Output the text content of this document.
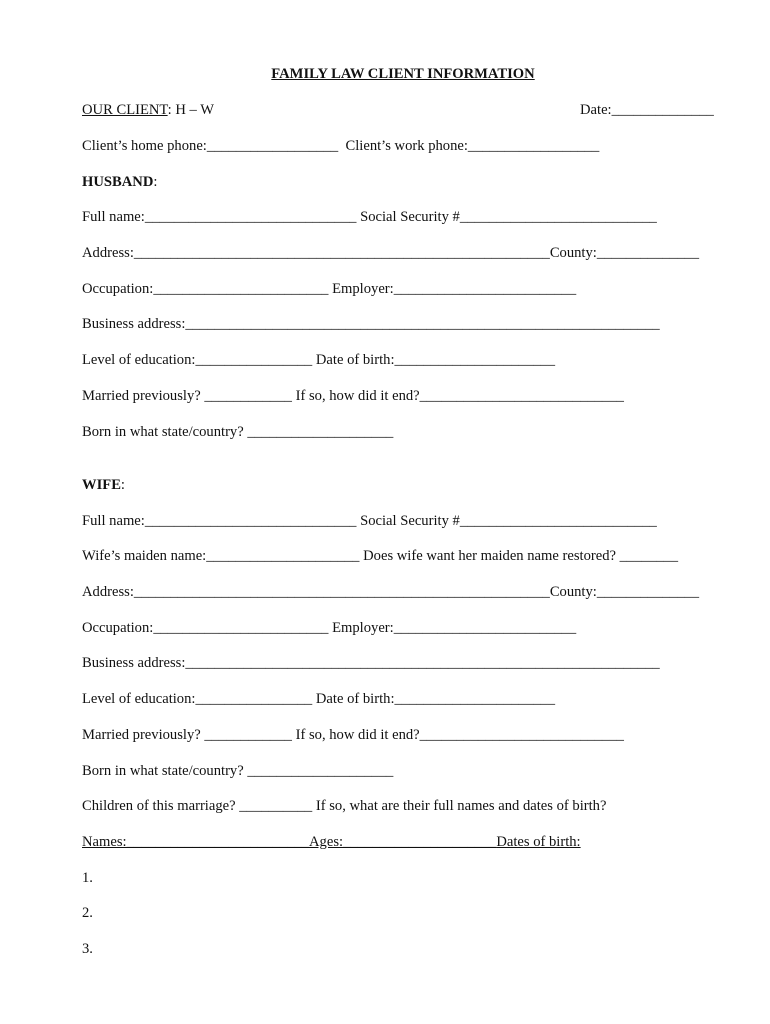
FAMILY LAW CLIENT INFORMATION
OUR CLIENT: H – W	Date:______________
Client’s home phone:__________________ Client’s work phone:__________________
HUSBAND:
Full name:_____________________________ Social Security #___________________________
Address:_________________________________________________________County:______________
Occupation:________________________ Employer:_________________________
Business address:_________________________________________________________________
Level of education:________________ Date of birth:______________________
Married previously? ____________ If so, how did it end?____________________________
Born in what state/country? ____________________
WIFE:
Full name:_____________________________ Social Security #___________________________
Wife’s maiden name:_____________________ Does wife want her maiden name restored? ________
Address:_________________________________________________________County:______________
Occupation:________________________ Employer:_________________________
Business address:_________________________________________________________________
Level of education:________________ Date of birth:______________________
Married previously? ____________ If so, how did it end?____________________________
Born in what state/country? ____________________
Children of this marriage? __________ If so, what are their full names and dates of birth?
Names:_________________________Ages:_____________________Dates of birth:
1.
2.
3.
